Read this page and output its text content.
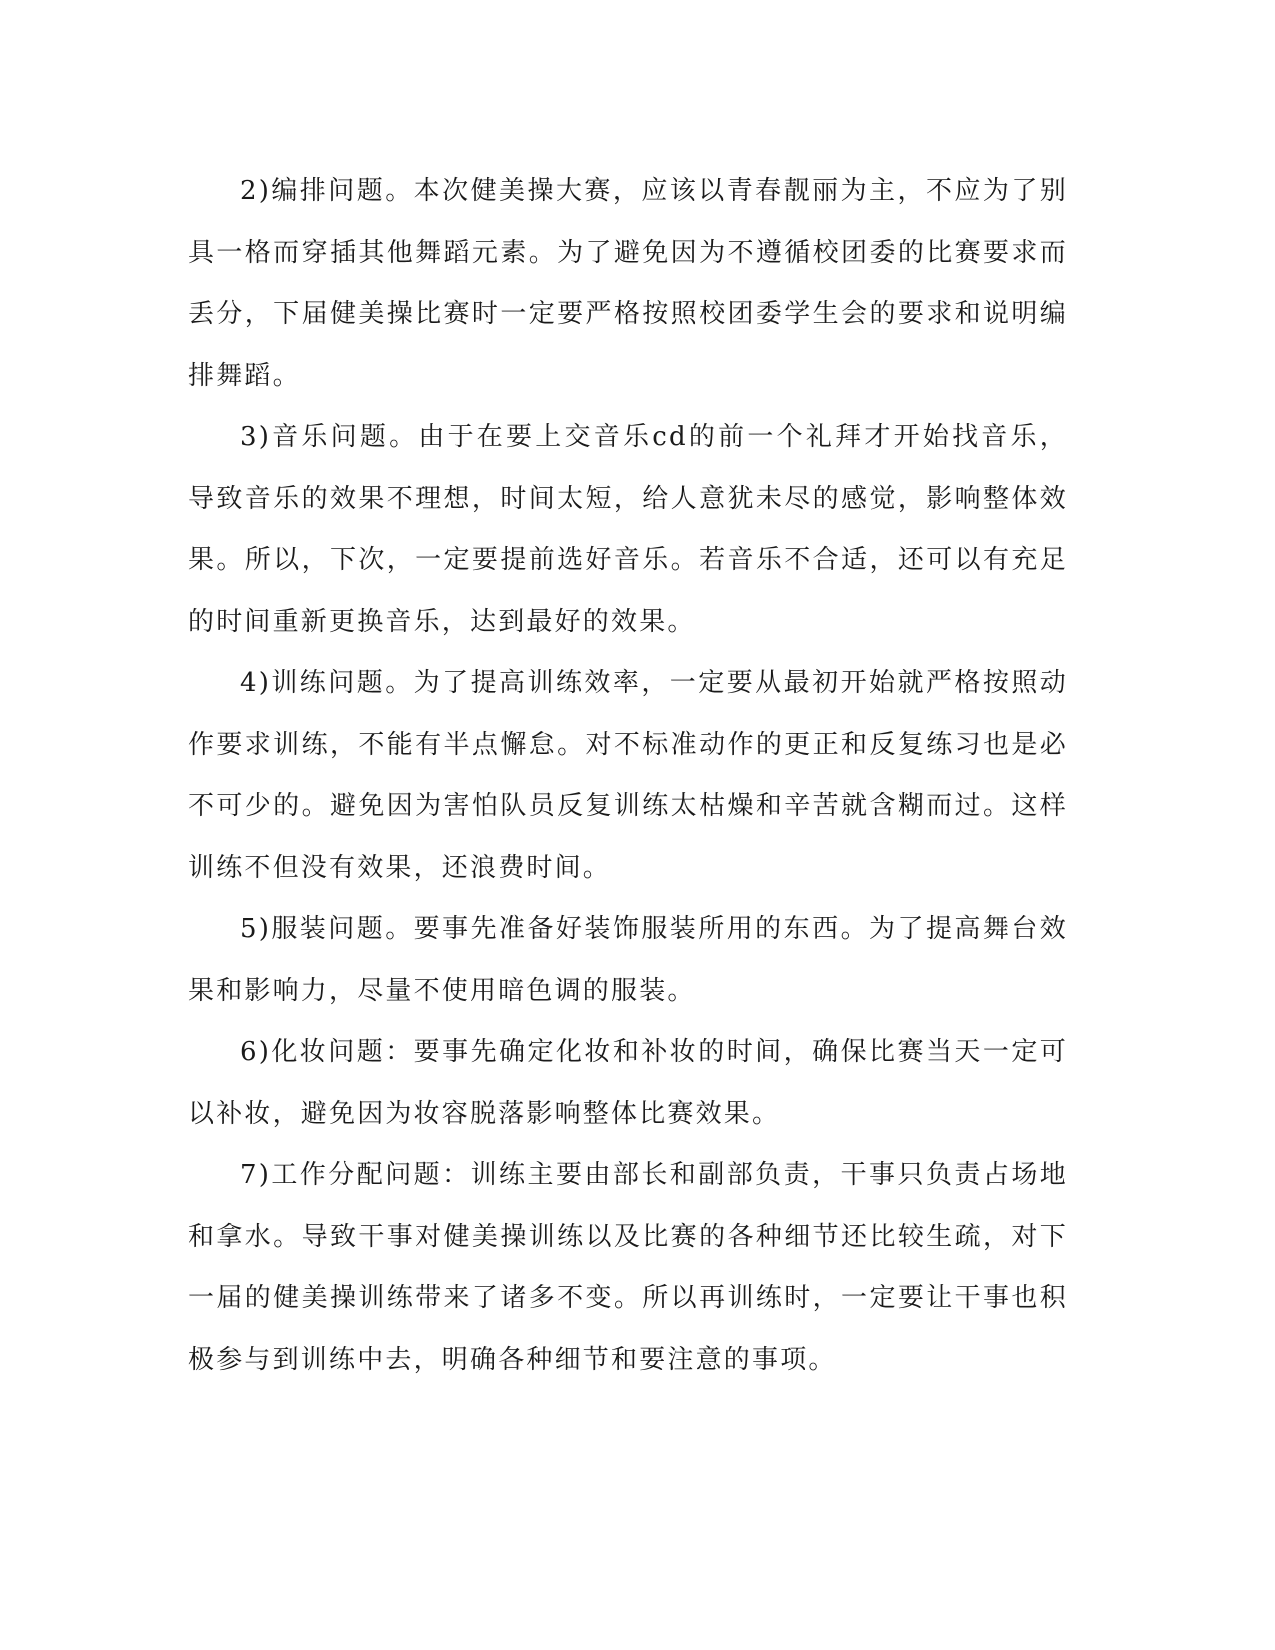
2)编排问题。本次健美操大赛，应该以青春靓丽为主，不应为了别具一格而穿插其他舞蹈元素。为了避免因为不遵循校团委的比赛要求而丢分，下届健美操比赛时一定要严格按照校团委学生会的要求和说明编排舞蹈。

3)音乐问题。由于在要上交音乐cd的前一个礼拜才开始找音乐，导致音乐的效果不理想，时间太短，给人意犹未尽的感觉，影响整体效果。所以，下次，一定要提前选好音乐。若音乐不合适，还可以有充足的时间重新更换音乐，达到最好的效果。

4)训练问题。为了提高训练效率，一定要从最初开始就严格按照动作要求训练，不能有半点懈怠。对不标准动作的更正和反复练习也是必不可少的。避免因为害怕队员反复训练太枯燥和辛苦就含糊而过。这样训练不但没有效果，还浪费时间。

5)服装问题。要事先准备好装饰服装所用的东西。为了提高舞台效果和影响力，尽量不使用暗色调的服装。

6)化妆问题：要事先确定化妆和补妆的时间，确保比赛当天一定可以补妆，避免因为妆容脱落影响整体比赛效果。

7)工作分配问题：训练主要由部长和副部负责，干事只负责占场地和拿水。导致干事对健美操训练以及比赛的各种细节还比较生疏，对下一届的健美操训练带来了诸多不变。所以再训练时，一定要让干事也积极参与到训练中去，明确各种细节和要注意的事项。
